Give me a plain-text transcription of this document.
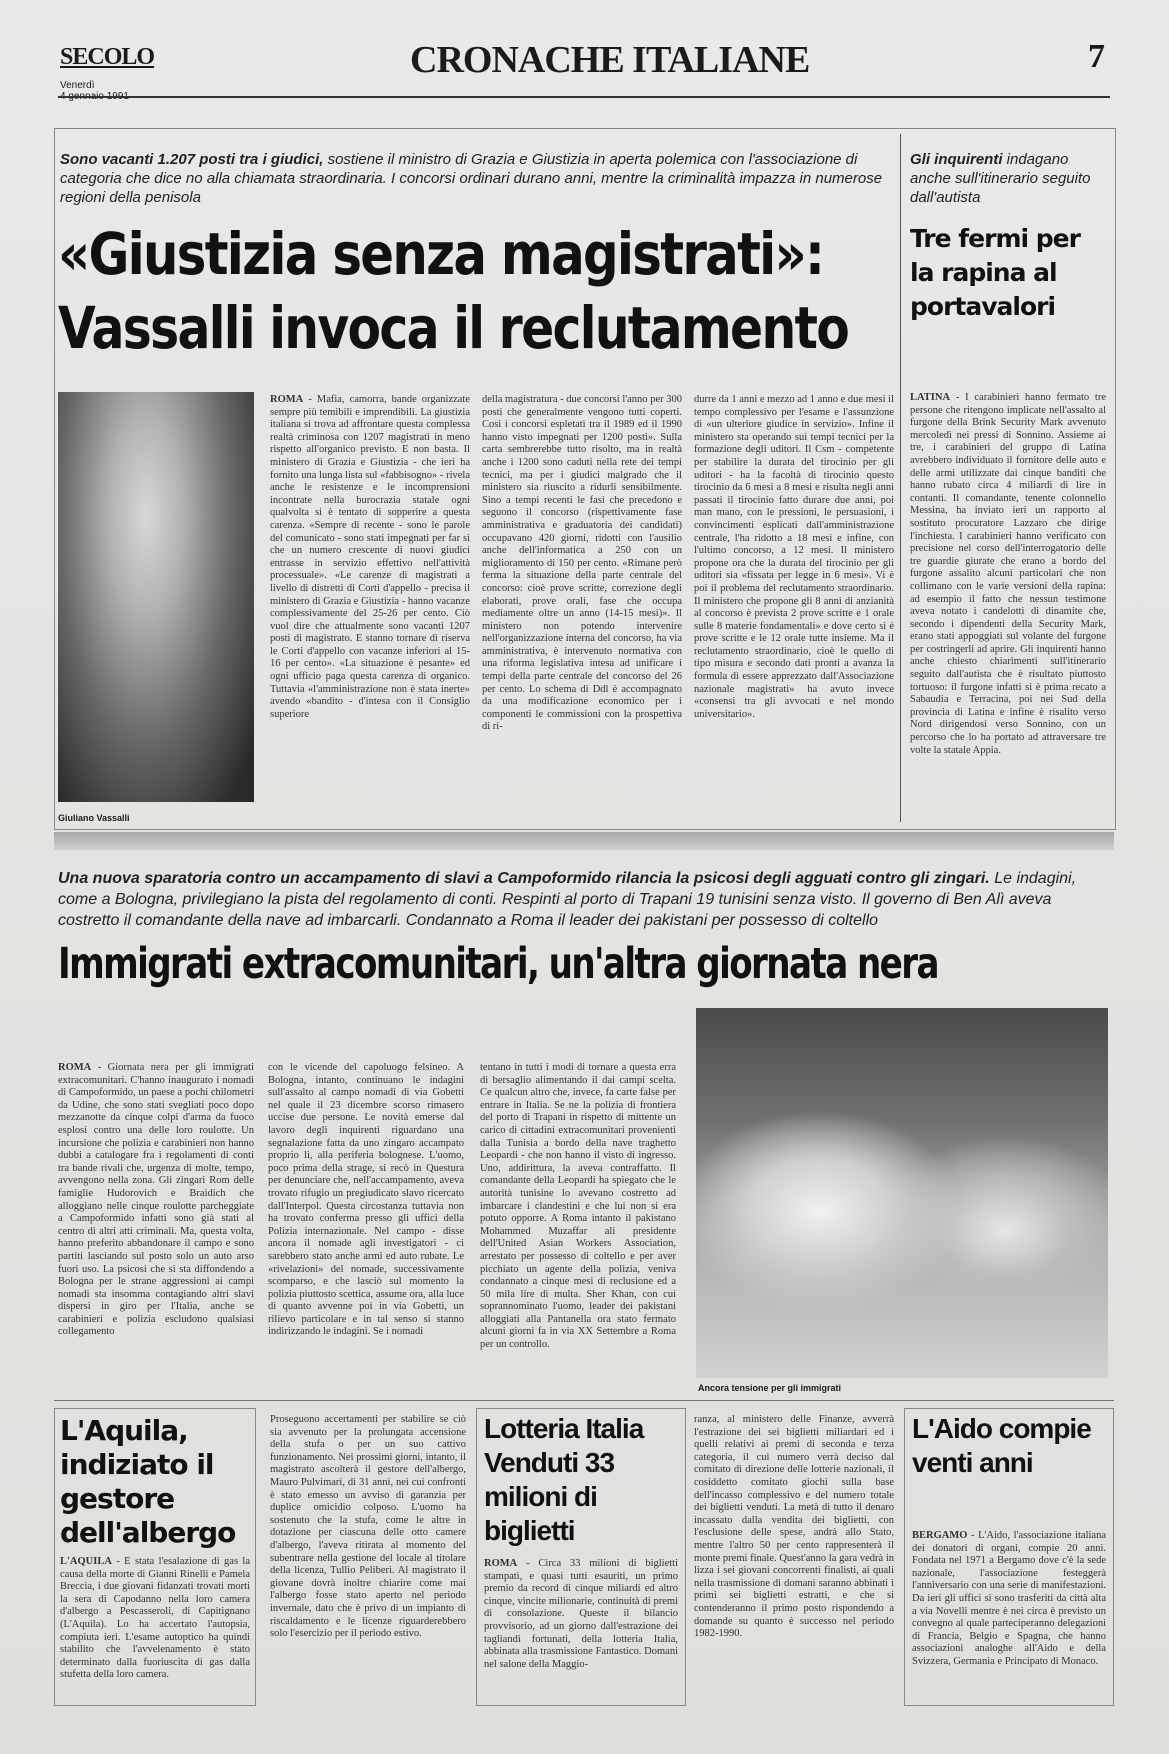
SECOLO
Venerdì
CRONACHE ITALIANE	7
Sono vacanti 1.207 posti tra i giudici, sostiene il ministro di Grazia e Giustizia in aperta polemica con l'associazione di categoria che dice no alla chiamata straordinaria. I concorsi ordinari durano anni, mentre la criminalità impazza in numerose regioni della penisola
«Giustizia senza magistrati»:
Vassalli invoca il reclutamento
Giuliano Vassalli
ROMA - Mafia, camorra, bande organizzate sempre più temibili e imprendibili. La giustizia italiana si trova ad affrontare questa complessa realtà criminosa con 1207 magistrati in meno rispetto all'organico previsto. E non basta. Il ministero di Grazia e Giustizia - che ieri ha fornito una lunga lista sul «fabbisogno» - rivela anche le resistenze e le incomprensioni incontrate nella burocrazia statale ogni qualvolta si è tentato di sopperire a questa carenza. «Sempre di recente - sono le parole del comunicato - sono stati impegnati per far sì che un numero crescente di nuovi giudici entrasse in servizio effettivo nell'attività processuale». «Le carenze di magistrati a livello di distretti di Corti d'appello - precisa il ministero di Grazia e Giustizia - hanno vacanze complessivamente del 25-26 per cento. Ciò vuol dire che attualmente sono vacanti 1207 posti di magistrato. E stanno tornare di riserva le Corti d'appello con vacanze inferiori al 15-16 per cento». «La situazione è pesante» ed ogni ufficio paga questa carenza di organico. Tuttavia «l'amministrazione non è stata inerte» avendo «bandito - d'intesa con il Consiglio superiore
della magistratura - due concorsi l'anno per 300 posti che generalmente vengono tutti coperti. Così i concorsi espletati tra il 1989 ed il 1990 hanno visto impegnati per 1200 posti». Sulla carta sembrerebbe tutto risolto, ma in realtà anche i 1200 sono caduti nella rete dei tempi tecnici, ma per i giudici malgrado che il ministero sia riuscito a ridurli sensibilmente. Sino a tempi recenti le fasi che precedono e seguono il concorso (rispettivamente fase amministrativa e graduatoria dei candidati) occupavano 420 giorni, ridotti con l'ausilio anche dell'informatica a 250 con un miglioramento di 150 per cento. «Rimane però ferma la situazione della parte centrale del concorso: cioè prove scritte, correzione degli elaborati, prove orali, fase che occupa mediamente oltre un anno (14-15 mesi)». Il ministero non potendo intervenire nell'organizzazione interna del concorso, ha via amministrativa, è intervenuto normativa con una riforma legislativa intesa ad unificare i tempi della parte centrale del concorso del 26 per cento. Lo schema di Ddl è accompagnato da una modificazione economico per i componenti le commissioni con la prospettiva di ri-
durre da 1 anni e mezzo ad 1 anno e due mesi il tempo complessivo per l'esame e l'assunzione di «un ulteriore giudice in servizio». Infine il ministero sta operando sui tempi tecnici per la formazione degli uditori. Il Csm - competente per stabilire la durata del tirocinio per gli uditori - ha la facoltà di tirocinio questo tirocinio da 6 mesi a 8 mesi e risulta negli anni passati il tirocinio fatto durare due anni, poi man mano, con le pressioni, le persuasioni, i convincimenti esplicati dall'amministrazione centrale, l'ha ridotto a 18 mesi e infine, con l'ultimo concorso, a 12 mesi. Il ministero propone ora che la durata del tirocinio per gli uditori sia «fissata per legge in 6 mesi». Vi è poi il problema del reclutamento straordinario. Il ministero che propone gli 8 anni di anzianità al concorso è prevista 2 prove scritte e 1 orale sulle 8 materie fondamentali» e dove certo si è prove scritte e le 12 orale tutte insieme. Ma il reclutamento straordinario, cioè le quello di tipo misura e secondo dati pronti a avanza la formula di essere apprezzato dall'Associazione nazionale magistrati» ha avuto invece «consensi tra gli avvocati e nel mondo universitario».
Gli inquirenti indagano anche sull'itinerario seguito dall'autista
Tre fermi per la rapina al portavalori
LATINA - I carabinieri hanno fermato tre persone che ritengono implicate nell'assalto al furgone della Brink Security Mark avvenuto mercoledì nei pressi di Sonnino. Assieme ai tre, i carabinieri del gruppo di Latina avrebbero individuato il fornitore delle auto e delle armi utilizzate dai cinque banditi che hanno rubato circa 4 miliardi di lire in contanti. Il comandante, tenente colonnello Messina, ha inviato ieri un rapporto al sostituto procuratore Lazzaro che dirige l'inchiesta. I carabinieri hanno verificato con precisione nel corso dell'interrogatorio delle tre guardie giurate che erano a bordo del furgone assalito alcuni particolari che non collimano con le varie versioni della rapina: ad esempio il fatto che nessun testimone aveva notato i candelotti di dinamite che, secondo i dipendenti della Security Mark, erano stati appoggiati sul volante del furgone per costringerli ad aprire. Gli inquirenti hanno anche chiesto chiarimenti sull'itinerario seguito dall'autista che è risultato piuttosto tortuoso: il furgone infatti si è prima recato a Sabaudia e Terracina, poi nei Sud della provincia di Latina e infine è risalito verso Nord dirigendosi verso Sonnino, con un percorso che lo ha portato ad attraversare tre volte la statale Appia.
Una nuova sparatoria contro un accampamento di slavi a Campoformido rilancia la psicosi degli agguati contro gli zingari. Le indagini, come a Bologna, privilegiano la pista del regolamento di conti. Respinti al porto di Trapani 19 tunisini senza visto. Il governo di Ben Alì aveva costretto il comandante della nave ad imbarcarli. Condannato a Roma il leader dei pakistani per possesso di coltello
Immigrati extracomunitari, un'altra giornata nera
ROMA - Giornata nera per gli immigrati extracomunitari. C'hanno inaugurato i nomadi di Campoformido, un paese a pochi chilometri da Udine, che sono stati svegliati poco dopo mezzanotte da cinque colpi d'arma da fuoco esplosi contro una delle loro roulotte. Un incursione che polizia e carabinieri non hanno dubbi a catalogare fra i regolamenti di conti tra bande rivali che, urgenza di molte, tempo, avvengono nella zona. Gli zingari Rom delle famiglie Hudorovich e Braidich che alloggiano nelle cinque roulotte parcheggiate a Campoformido infatti sono già stati al centro di altri atti criminali. Ma, questa volta, hanno preferito abbandonare il campo e sono partiti lasciando sul posto solo un auto arso fuori uso. La psicosi che si sta diffondendo a Bologna per le strane aggressioni ai campi nomadi sta insomma contagiando altri slavi dispersi in giro per l'Italia, anche se carabinieri e polizia escludono qualsiasi collegamento
con le vicende del capoluogo felsineo. A Bologna, intanto, continuano le indagini sull'assalto al campo nomadi di via Gobetti nel quale il 23 dicembre scorso rimasero uccise due persone. Le novità emerse dal lavoro degli inquirenti riguardano una segnalazione fatta da uno zingaro accampato proprio lì, alla periferia bolognese. L'uomo, poco prima della strage, si recò in Questura per denunciare che, nell'accampamento, aveva trovato rifugio un pregiudicato slavo ricercato dall'Interpol. Questa circostanza tuttavia non ha trovato conferma presso gli uffici della Polizia internazionale. Nel campo - disse ancora il nomade agli investigatori - ci sarebbero stato anche armi ed auto rubate. Le «rivelazioni» del nomade, successivamente scomparso, e che lasciò sul momento la polizia piuttosto scettica, assume ora, alla luce di quanto avvenne poi in via Gobetti, un rilievo particolare e in tal senso si stanno indirizzando le indagini. Se i nomadi
tentano in tutti i modi di tornare a questa erra di bersaglio alimentando il dai campi scelta. Ce qualcun altro che, invece, fa carte false per entrare in Italia. Se ne la polizia di frontiera del porto di Trapani in rispetto di mittente un carico di cittadini extracomunitari provenienti dalla Tunisia a bordo della nave traghetto Leopardi - che non hanno il visto di ingresso. Uno, addirittura, la aveva contraffatto. Il comandante della Leopardi ha spiegato che le autorità tunisine lo avevano costretto ad imbarcare i clandestini e che lui non si era potuto opporre. A Roma intanto il pakistano Mohammed Muzaffar ali presidente dell'United Asian Workers Association, arrestato per possesso di coltello e per aver picchiato un agente della polizia, veniva condannato a cinque mesi di reclusione ed a 50 mila lire di multa. Sher Khan, con cui soprannominato l'uomo, leader dei pakistani alloggiati alla Pantanella ora stato fermato alcuni giorni fa in via XX Settembre a Roma per un controllo.
Ancora tensione per gli immigrati
L'Aquila, indiziato il gestore dell'albergo
L'AQUILA - È stata l'esalazione di gas la causa della morte di Gianni Rinelli e Pamela Breccia, i due giovani fidanzati trovati morti la sera di Capodanno nella loro camera d'albergo a Pescasseroli, di Capitignano (L'Aquila). Lo ha accertato l'autopsia, compiuta ieri. L'esame autoptico ha quindi stabilito che l'avvelenamento è stato determinato dalla fuoriuscita di gas dalla stufetta della loro camera.
Proseguono accertamenti per stabilire se ciò sia avvenuto per la prolungata accensione della stufa o per un suo cattivo funzionamento. Nei prossimi giorni, intanto, il magistrato ascolterà il gestore dell'albergo, Mauro Pulvimari, di 31 anni, nei cui confronti è stato emesso un avviso di garanzia per duplice omicidio colposo. L'uomo ha sostenuto che la stufa, come le altre in dotazione per ciascuna delle otto camere d'albergo, l'aveva ritirata al momento del subentrare nella gestione del locale al titolare della licenza, Tullio Peliberi. Al magistrato il giovane dovrà inoltre chiarire come mai l'albergo fosse stato aperto nel periodo invernale, dato che è privo di un impianto di riscaldamento e le licenze riguarderebbero solo l'esercizio per il periodo estivo.
Lotteria Italia Venduti 33 milioni di biglietti
ROMA - Circa 33 milioni di biglietti stampati, e quasi tutti esauriti, un primo premio da record di cinque miliardi ed altro cinque, vincite milionarie, continuità di premi di consolazione. Queste il bilancio provvisorio, ad un giorno dall'estrazione dei tagliandi fortunati, della lotteria Italia, abbinata alla trasmissione Fantastico. Domani nel salone della Maggio-
ranza, al ministero delle Finanze, avverrà l'estrazione dei sei biglietti miliardari ed i quelli relativi ai premi di seconda e terza categoria, il cui numero verrà deciso dal comitato di direzione delle lotterie nazionali, il cosiddetto comitato giochi sulla base dell'incasso complessivo e del numero totale dei biglietti venduti. La metà di tutto il denaro incassato dalla vendita dei biglietti, con l'esclusione delle spese, andrà allo Stato, mentre l'altro 50 per cento rappresenterà il monte premi finale. Quest'anno la gara vedrà in lizza i sei giovani concorrenti finalisti, ai quali nella trasmissione di domani saranno abbinati i primi sei biglietti estratti, e che si contenderanno il primo posto rispondendo a domande su quanto è successo nel periodo 1982-1990.
L'Aido compie venti anni
BERGAMO - L'Aido, l'associazione italiana dei donatori di organi, compie 20 anni. Fondata nel 1971 a Bergamo dove c'è la sede nazionale, l'associazione festeggerà l'anniversario con una serie di manifestazioni. Da ieri gli uffici si sono trasferiti da città alta a via Novelli mentre è nei circa è previsto un convegno al quale parteciperanno delegazioni di Francia, Belgio e Spagna, che hanno associazioni analoghe all'Aido e della Svizzera, Germania e Principato di Monaco.
